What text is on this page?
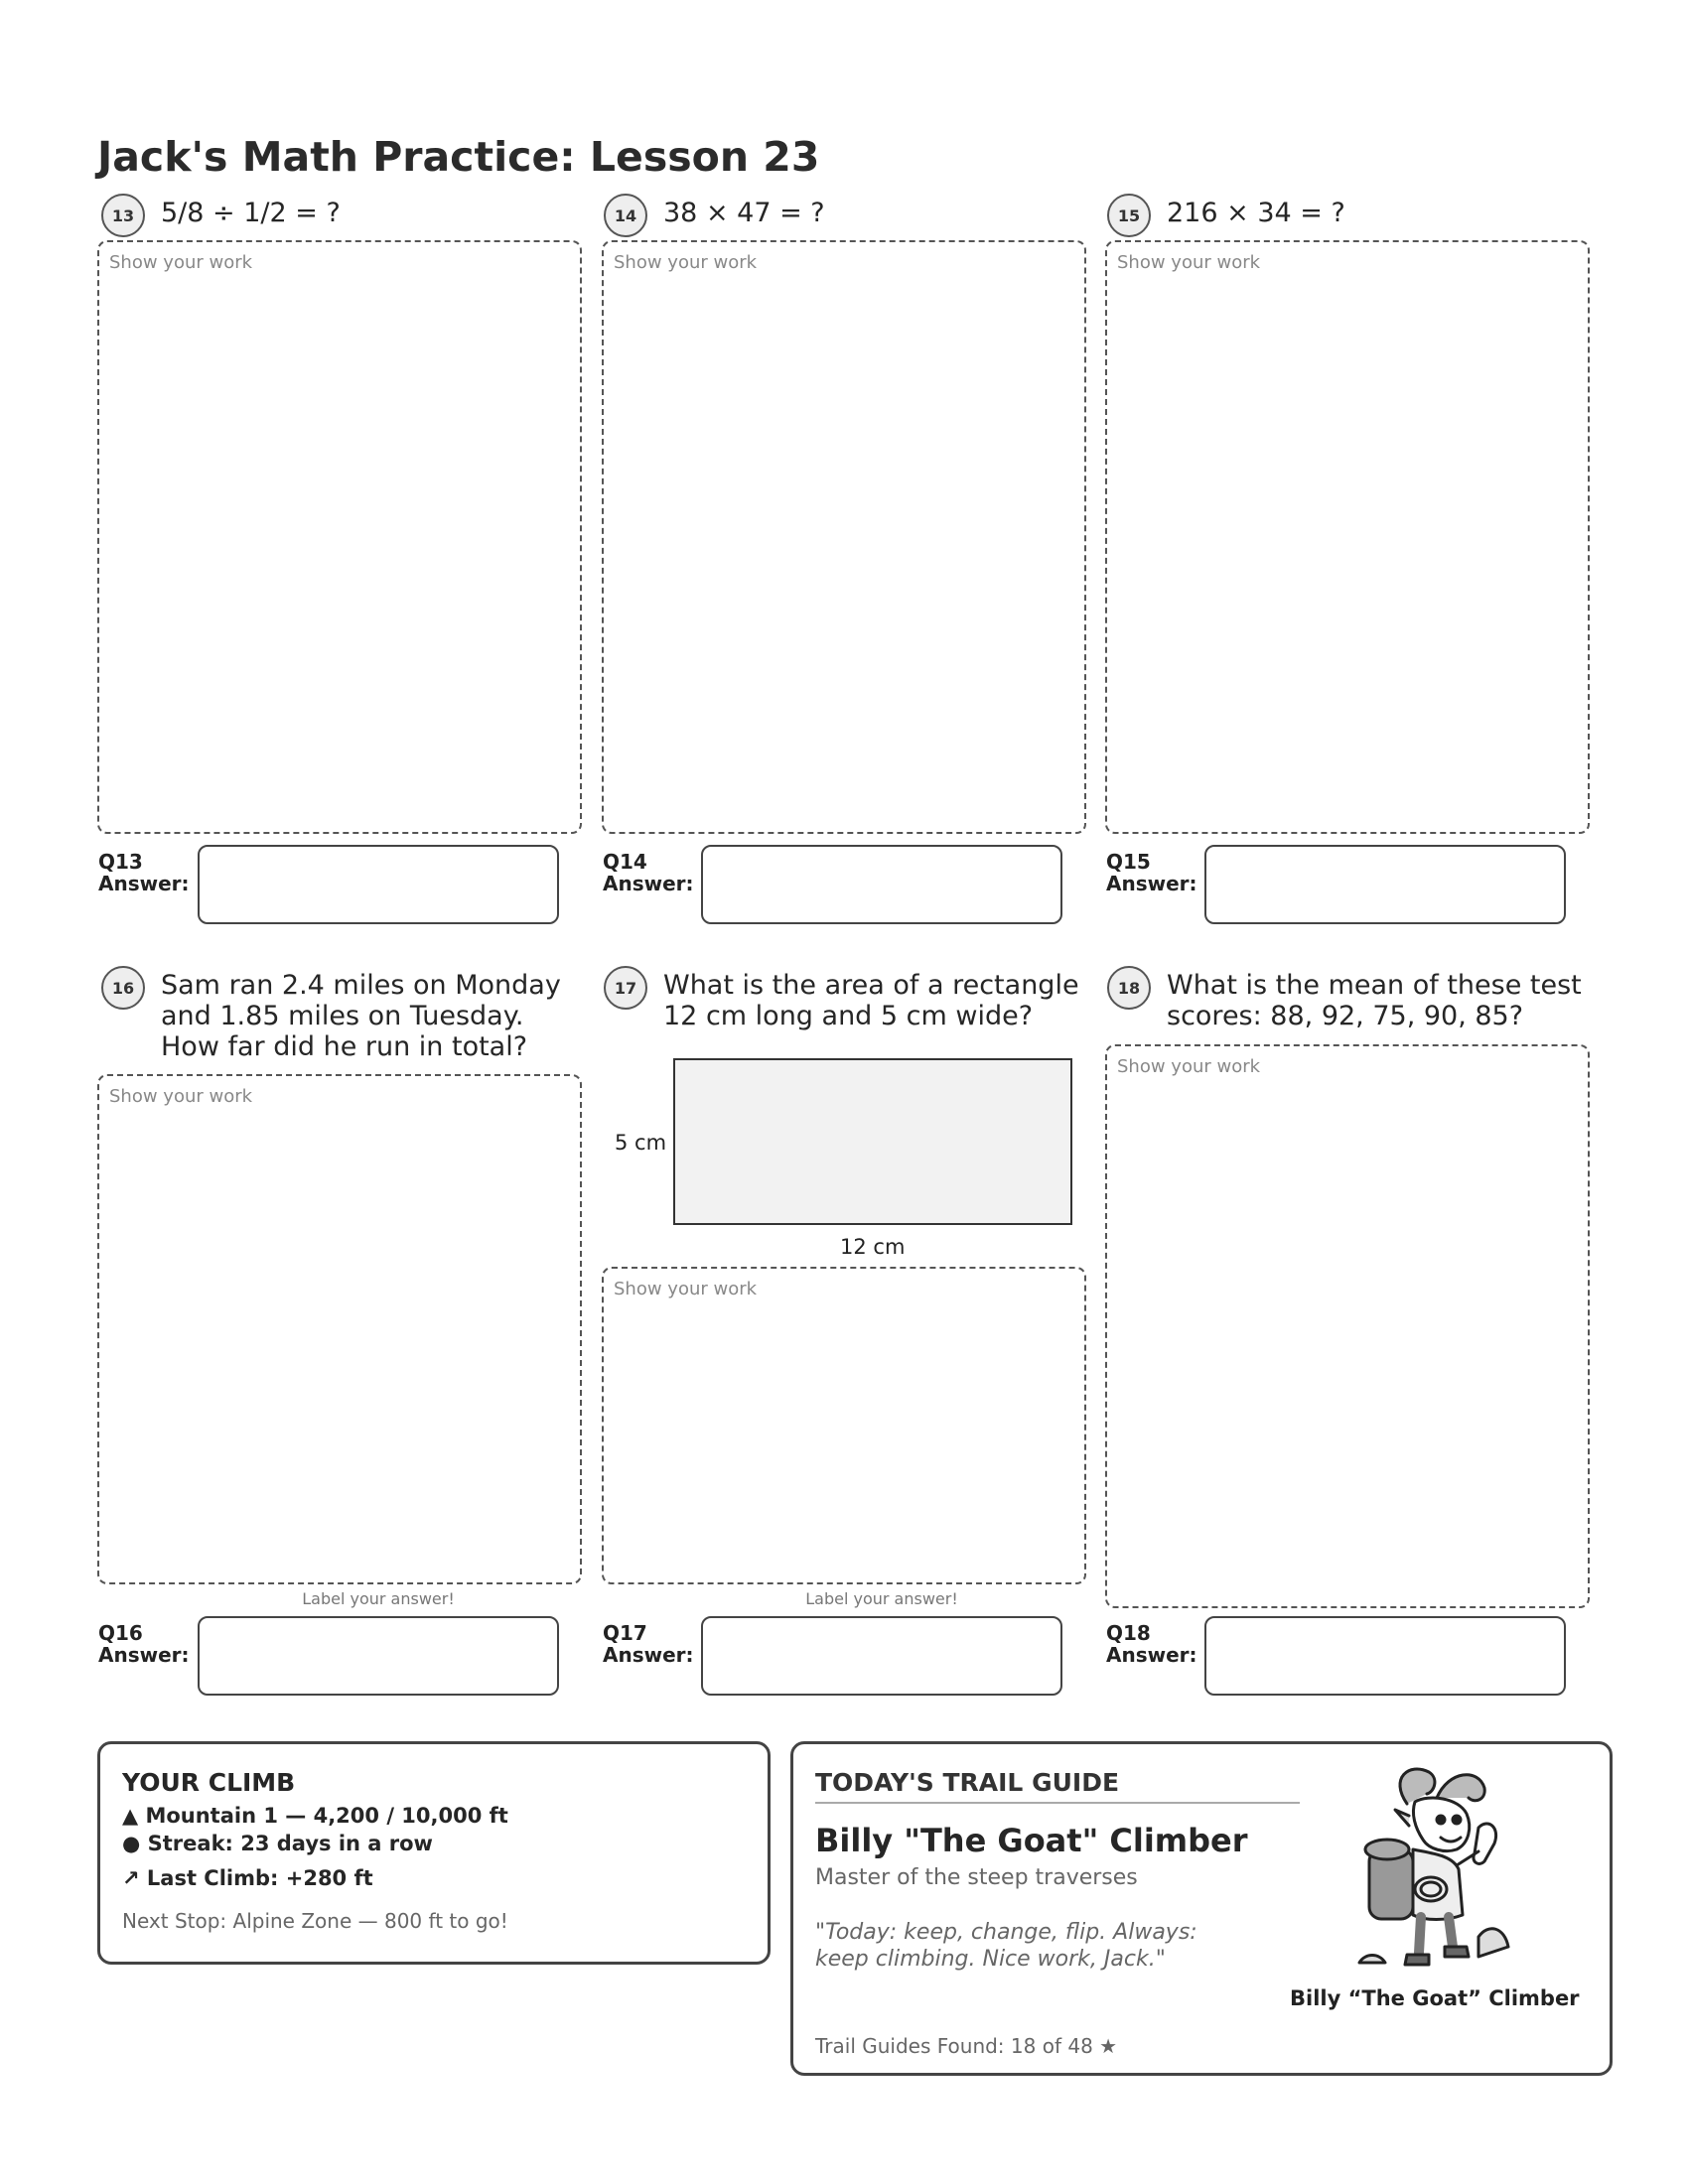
Jack's Math Practice: Lesson 23
13 5/8 ÷ 1/2 = ?
Show your work
Q13
Answer:
14 38 × 47 = ?
Show your work
Q14
Answer:
15 216 × 34 = ?
Show your work
Q15
Answer:
16 Sam ran 2.4 miles on Monday and 1.85 miles on Tuesday. How far did he run in total?
Show your work
Label your answer!
Q16
Answer:
17 What is the area of a rectangle 12 cm long and 5 cm wide?
5 cm
12 cm
Show your work
Label your answer!
Q17
Answer:
18 What is the mean of these test scores: 88, 92, 75, 90, 85?
Show your work
Q18
Answer:
YOUR CLIMB
▲ Mountain 1 — 4,200 / 10,000 ft
● Streak: 23 days in a row
↗ Last Climb: +280 ft
Next Stop: Alpine Zone — 800 ft to go!
TODAY'S TRAIL GUIDE
Billy "The Goat" Climber
Master of the steep traverses
"Today: keep, change, flip. Always: keep climbing. Nice work, Jack."
Trail Guides Found: 18 of 48 ★
Billy “The Goat” Climber
